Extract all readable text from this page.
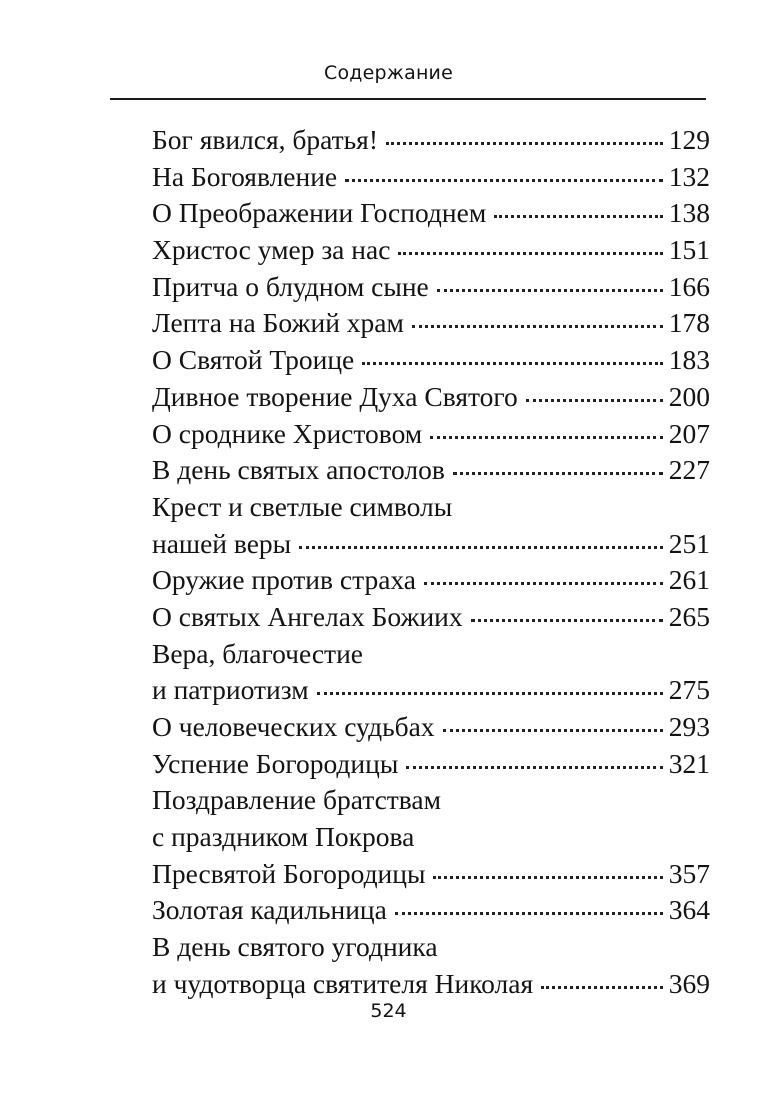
Содержание
Бог явился, братья!	129
На Богоявление	132
О Преображении Господнем	138
Христос умер за нас	151
Притча о блудном сыне	166
Лепта на Божий храм	178
О Святой Троице	183
Дивное творение Духа Святого	200
О сроднике Христовом	207
В день святых апостолов	227
Крест и светлые символы
нашей веры	251
Оружие против страха	261
О святых Ангелах Божиих	265
Вера, благочестие
и патриотизм	275
О человеческих судьбах	293
Успение Богородицы	321
Поздравление братствам
с праздником Покрова
Пресвятой Богородицы	357
Золотая кадильница	364
В день святого угодника
и чудотворца святителя Николая	369
524
